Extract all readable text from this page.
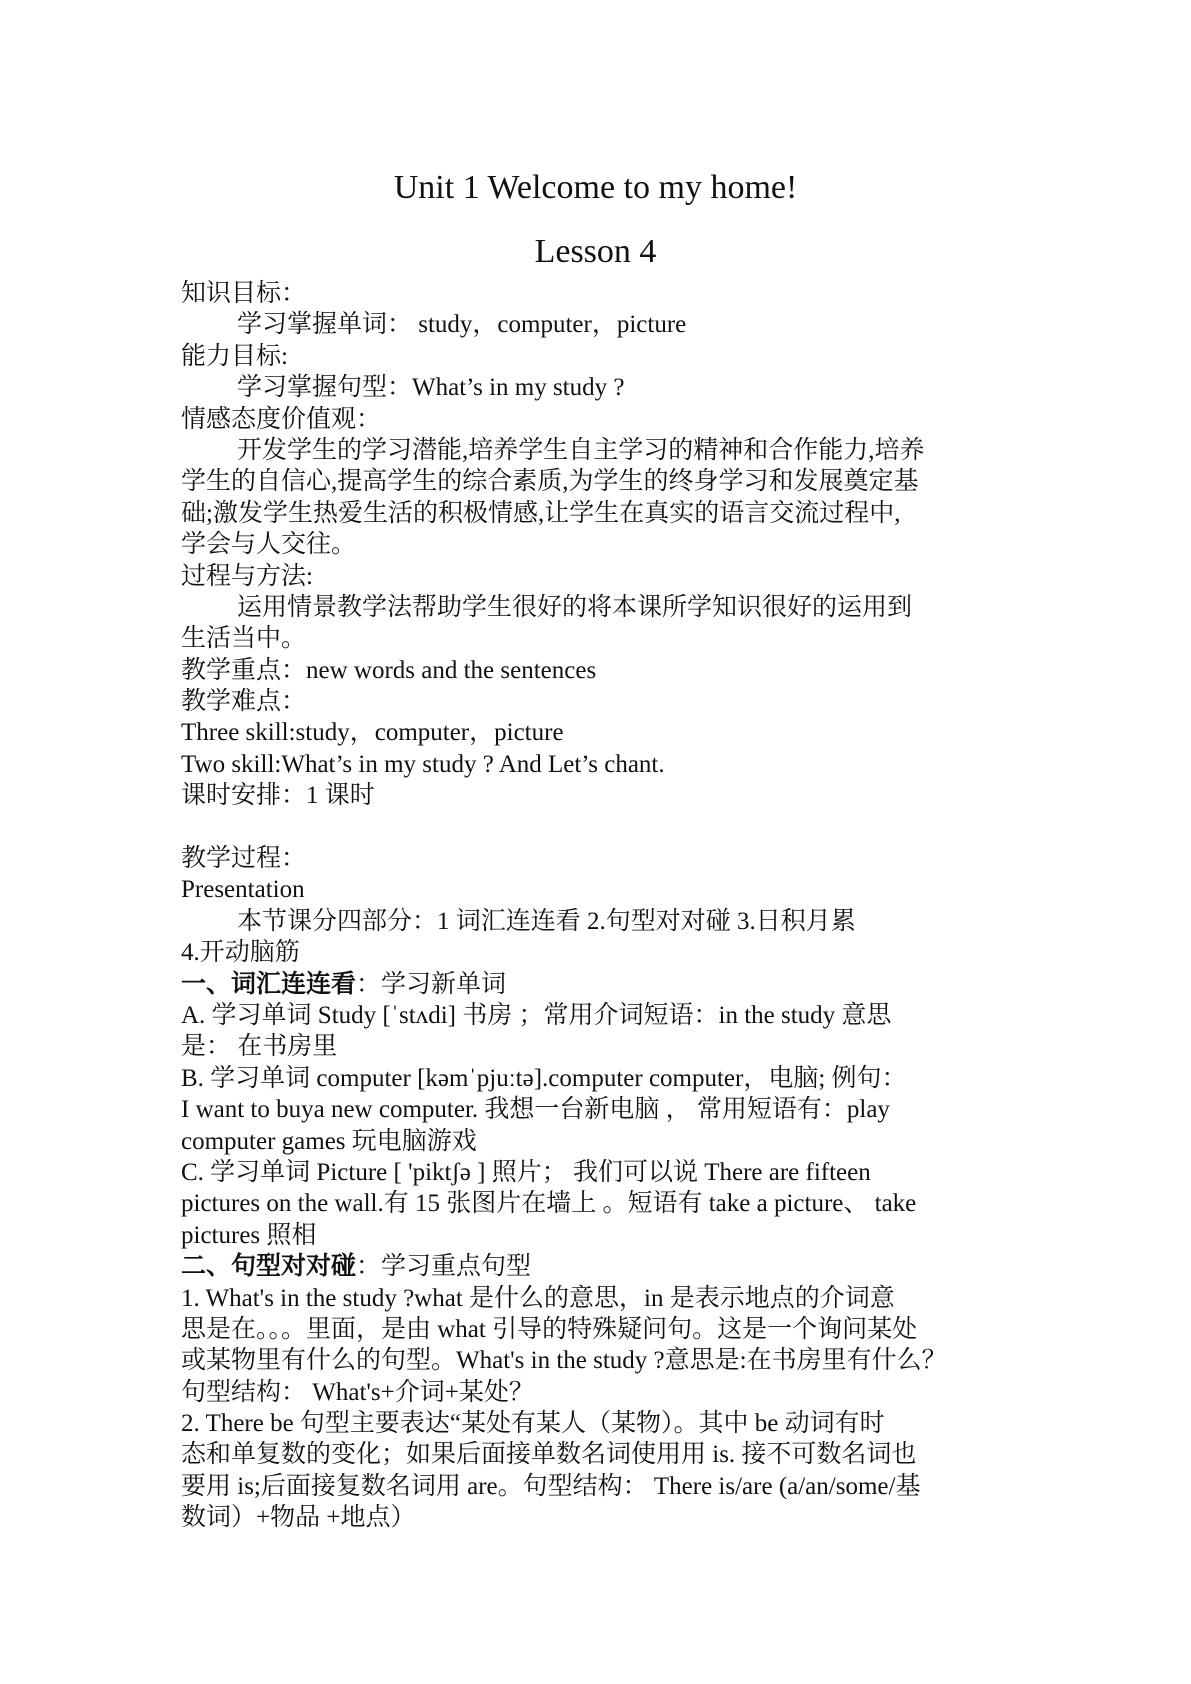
Unit 1 Welcome to my home!
Lesson 4
知识目标：
学习掌握单词： study，computer，picture
能力目标:
学习掌握句型：What’s in my study ?
情感态度价值观：
开发学生的学习潜能,培养学生自主学习的精神和合作能力,培养
学生的自信心,提高学生的综合素质,为学生的终身学习和发展奠定基
础;激发学生热爱生活的积极情感,让学生在真实的语言交流过程中,
学会与人交往。
过程与方法:
运用情景教学法帮助学生很好的将本课所学知识很好的运用到
生活当中。
教学重点：new words and the sentences
教学难点：
Three skill:study，computer，picture
Two skill:What’s in my study ? And Let’s chant.
课时安排：1 课时
教学过程：
Presentation
本节课分四部分：1 词汇连连看 2.句型对对碰 3.日积月累
4.开动脑筋
一、词汇连连看：学习新单词
A. 学习单词 Study [ˈstʌdi] 书房 ；常用介词短语：in the study 意思
是： 在书房里
B. 学习单词 computer [kəmˈpjuːtə].computer computer，电脑; 例句：
I want to buya new computer. 我想一台新电脑 ， 常用短语有：play
computer games 玩电脑游戏
C. 学习单词 Picture [ 'piktʃə ] 照片； 我们可以说 There are fifteen
pictures on the wall.有 15 张图片在墙上 。短语有 take a picture、 take
pictures 照相
二、句型对对碰：学习重点句型
1. What's in the study ?what 是什么的意思，in 是表示地点的介词意
思是在。。。里面，是由 what 引导的特殊疑问句。这是一个询问某处
或某物里有什么的句型。What's in the study ?意思是:在书房里有什么？
句型结构： What's+介词+某处？
2. There be 句型主要表达“某处有某人（某物）。其中 be 动词有时
态和单复数的变化；如果后面接单数名词使用用 is. 接不可数名词也
要用 is;后面接复数名词用 are。句型结构： There is/are (a/an/some/基
数词）+物品 +地点）
